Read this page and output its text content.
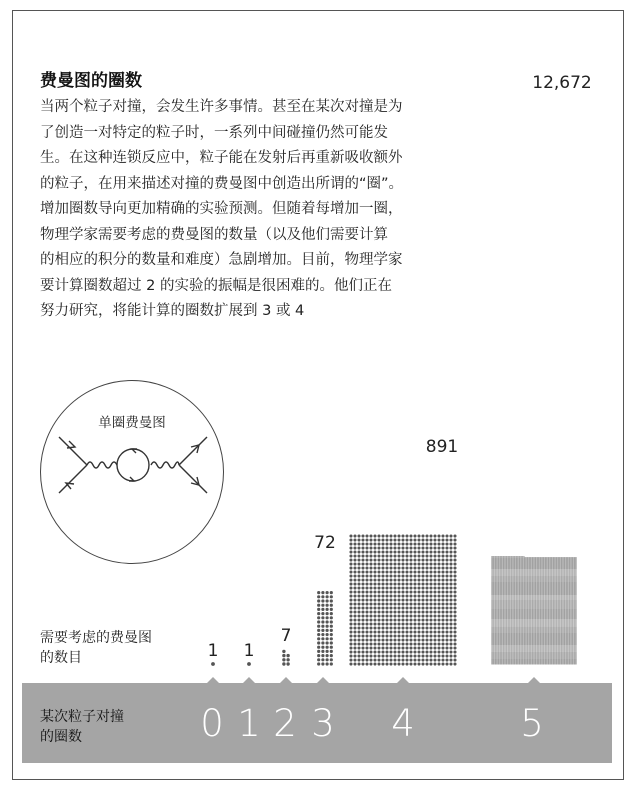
费曼图的圈数
当两个粒子对撞，会发生许多事情。甚至在某次对撞是为
了创造一对特定的粒子时，一系列中间碰撞仍然可能发
生。在这种连锁反应中，粒子能在发射后再重新吸收额外
的粒子，在用来描述对撞的费曼图中创造出所谓的“圈”。
增加圈数导向更加精确的实验预测。但随着每增加一圈，
物理学家需要考虑的费曼图的数量（以及他们需要计算
的相应的积分的数量和难度）急剧增加。目前，物理学家
要计算圈数超过 2 的实验的振幅是很困难的。他们正在
努力研究，将能计算的圈数扩展到 3 或 4
单圈费曼图
需要考虑的费曼图
的数目
某次粒子对撞
的圈数	0 1 2 3 4	5
1 1
7
72
891
12,672
